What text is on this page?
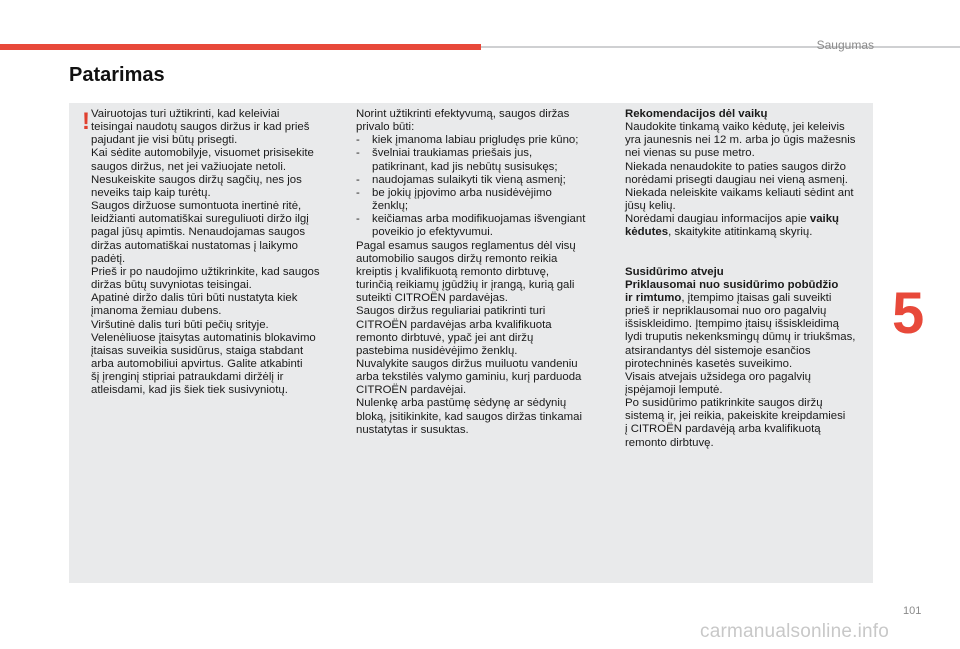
Saugumas
Patarimas
! Vairuotojas turi užtikrinti, kad keleiviai
teisingai naudotų saugos diržus ir kad prieš
pajudant jie visi būtų prisegti.
Kai sėdite automobilyje, visuomet prisisekite
saugos diržus, net jei važiuojate netoli.
Nesukeiskite saugos diržų sagčių, nes jos
neveiks taip kaip turėtų.
Saugos diržuose sumontuota inertinė ritė,
leidžianti automatiškai sureguliuoti diržo ilgį
pagal jūsų apimtis. Nenaudojamas saugos
diržas automatiškai nustatomas į laikymo
padėtį.
Prieš ir po naudojimo užtikrinkite, kad saugos
diržas būtų suvyniotas teisingai.
Apatinė diržo dalis tūri būti nustatyta kiek
įmanoma žemiau dubens.
Viršutinė dalis turi būti pečių srityje.
Velenėliuose įtaisytas automatinis blokavimo
įtaisas suveikia susidūrus, staiga stabdant
arba automobiliui apvirtus. Galite atkabinti
šį įrenginį stipriai patraukdami diržėlį ir
atleisdami, kad jis šiek tiek susivyniotų.
Norint užtikrinti efektyvumą, saugos diržas
privalo būti:
- kiek įmanoma labiau prigludęs prie kūno;
- švelniai traukiamas priešais jus,
patikrinant, kad jis nebūtų susisukęs;
- naudojamas sulaikyti tik vieną asmenį;
- be jokių įpjovimo arba nusidėvėjimo
ženklų;
- keičiamas arba modifikuojamas išvengiant
poveikio jo efektyvumui.
Pagal esamus saugos reglamentus dėl visų
automobilio saugos diržų remonto reikia
kreiptis į kvalifikuotą remonto dirbtuvę,
turinčią reikiamų įgūdžių ir įrangą, kurią gali
suteikti CITROËN pardavėjas.
Saugos diržus reguliariai patikrinti turi
CITROËN pardavėjas arba kvalifikuota
remonto dirbtuvė, ypač jei ant diržų
pastebima nusidėvėjimo ženklų.
Nuvalykite saugos diržus muiluotu vandeniu
arba tekstilės valymo gaminiu, kurį parduoda
CITROËN pardavėjai.
Nulenkę arba pastūmę sėdynę ar sėdynių
bloką, įsitikinkite, kad saugos diržas tinkamai
nustatytas ir susuktas.
Rekomendacijos dėl vaikų
Naudokite tinkamą vaiko kėdutę, jei keleivis
yra jaunesnis nei 12 m. arba jo ūgis mažesnis
nei vienas su puse metro.
Niekada nenaudokite to paties saugos diržo
norėdami prisegti daugiau nei vieną asmenį.
Niekada neleiskite vaikams keliauti sėdint ant
jūsų kelių.
Norėdami daugiau informacijos apie vaikų
kėdutes, skaitykite atitinkamą skyrių.
Susidūrimo atveju
Priklausomai nuo susidūrimo pobūdžio
ir rimtumo, įtempimo įtaisas gali suveikti
prieš ir nepriklausomai nuo oro pagalvių
išsiskleidimo. Įtempimo įtaisų išsiskleidimą
lydi truputis nekenksmingų dūmų ir triukšmas,
atsirandantys dėl sistemoje esančios
pirotechninės kasetės suveikimo.
Visais atvejais užsidega oro pagalvių
įspėjamoji lemputė.
Po susidūrimo patikrinkite saugos diržų
sistemą ir, jei reikia, pakeiskite kreipdamiesi
į CITROËN pardavėją arba kvalifikuotą
remonto dirbtuvę.
5
101
carmanualsonline.info
